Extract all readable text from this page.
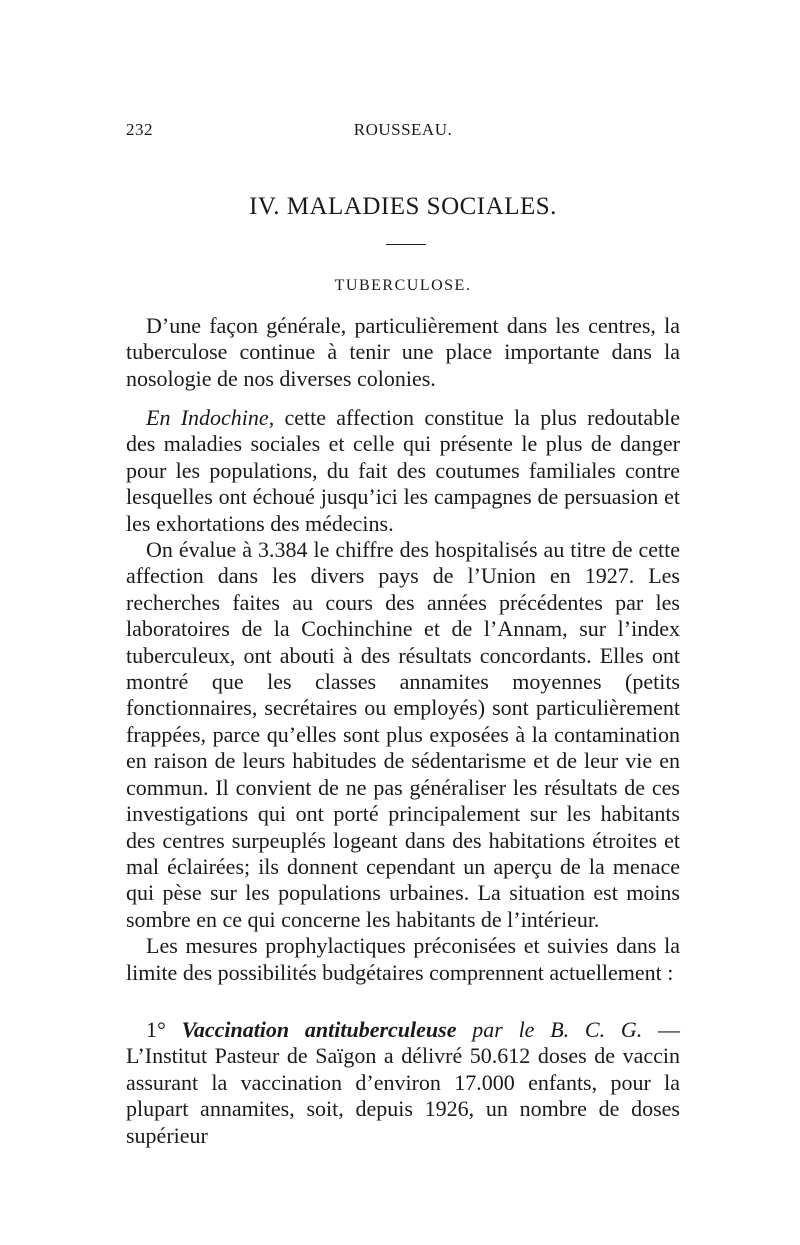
232	ROUSSEAU.
IV. MALADIES SOCIALES.
TUBERCULOSE.
D’une façon générale, particulièrement dans les centres, la tuberculose continue à tenir une place importante dans la nosologie de nos diverses colonies.
En Indochine, cette affection constitue la plus redoutable des maladies sociales et celle qui présente le plus de danger pour les populations, du fait des coutumes familiales contre lesquelles ont échoué jusqu’ici les campagnes de persuasion et les exhortations des médecins.
On évalue à 3.384 le chiffre des hospitalisés au titre de cette affection dans les divers pays de l’Union en 1927. Les recherches faites au cours des années précédentes par les laboratoires de la Cochinchine et de l’Annam, sur l’index tuberculeux, ont abouti à des résultats concordants. Elles ont montré que les classes annamites moyennes (petits fonctionnaires, secrétaires ou employés) sont particulièrement frappées, parce qu’elles sont plus exposées à la contamination en raison de leurs habitudes de sédentarisme et de leur vie en commun. Il convient de ne pas généraliser les résultats de ces investigations qui ont porté principalement sur les habitants des centres surpeuplés logeant dans des habitations étroites et mal éclairées; ils donnent cependant un aperçu de la menace qui pèse sur les populations urbaines. La situation est moins sombre en ce qui concerne les habitants de l’intérieur.
Les mesures prophylactiques préconisées et suivies dans la limite des possibilités budgétaires comprennent actuellement :
1° Vaccination antituberculeuse par le B. C. G. — L’Institut Pasteur de Saïgon a délivré 50.612 doses de vaccin assurant la vaccination d’environ 17.000 enfants, pour la plupart annamites, soit, depuis 1926, un nombre de doses supérieur
